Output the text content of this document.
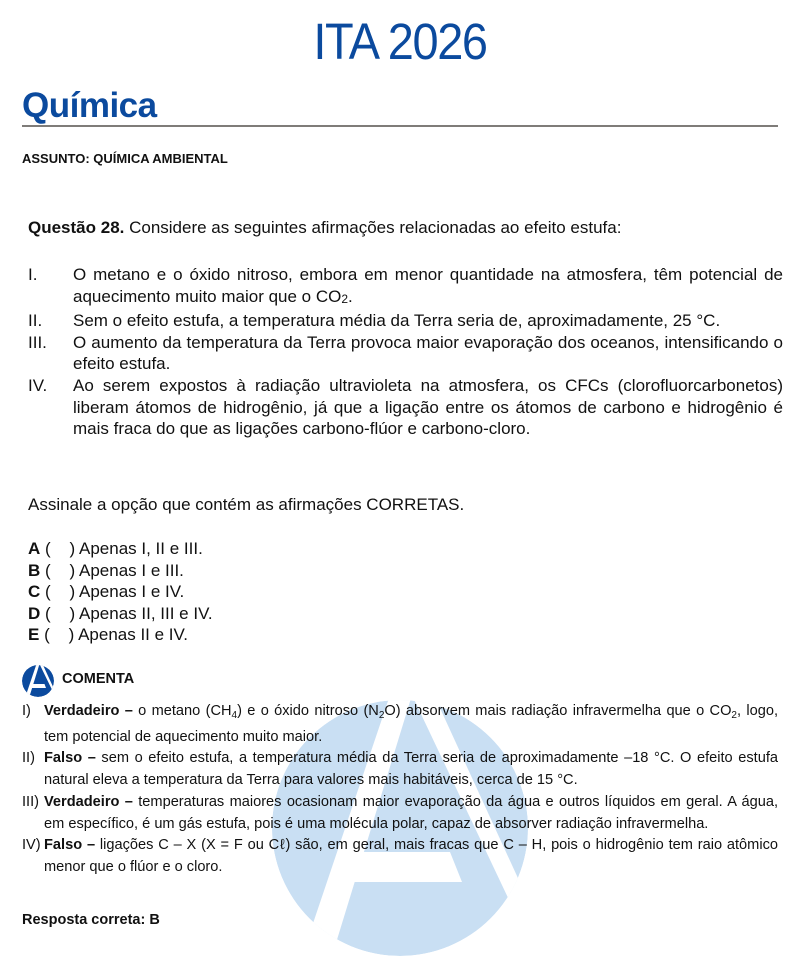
ITA 2026
Química
ASSUNTO: QUÍMICA AMBIENTAL
Questão 28. Considere as seguintes afirmações relacionadas ao efeito estufa:
I. O metano e o óxido nitroso, embora em menor quantidade na atmosfera, têm potencial de aquecimento muito maior que o $CO_2$.
II. Sem o efeito estufa, a temperatura média da Terra seria de, aproximadamente, 25 °C.
III. O aumento da temperatura da Terra provoca maior evaporação dos oceanos, intensificando o efeito estufa.
IV. Ao serem expostos à radiação ultravioleta na atmosfera, os CFCs (clorofluorcarbonetos) liberam átomos de hidrogênio, já que a ligação entre os átomos de carbono e hidrogênio é mais fraca do que as ligações carbono-flúor e carbono-cloro.
Assinale a opção que contém as afirmações CORRETAS.
A (    ) Apenas I, II e III.
B (    ) Apenas I e III.
C (    ) Apenas I e IV.
D (    ) Apenas II, III e IV.
E (    ) Apenas II e IV.
COMENTA
I) Verdadeiro – o metano $(CH_4)$ e o óxido nitroso $(N_2O)$ absorvem mais radiação infravermelha que o $CO_2$, logo, tem potencial de aquecimento muito maior.
II) Falso – sem o efeito estufa, a temperatura média da Terra seria de aproximadamente –18 °C. O efeito estufa natural eleva a temperatura da Terra para valores mais habitáveis, cerca de 15 °C.
III) Verdadeiro – temperaturas maiores ocasionam maior evaporação da água e outros líquidos em geral. A água, em específico, é um gás estufa, pois é uma molécula polar, capaz de absorver radiação infravermelha.
IV) Falso – ligações C – X (X = F ou Cℓ) são, em geral, mais fracas que C – H, pois o hidrogênio tem raio atômico menor que o flúor e o cloro.
Resposta correta: B
